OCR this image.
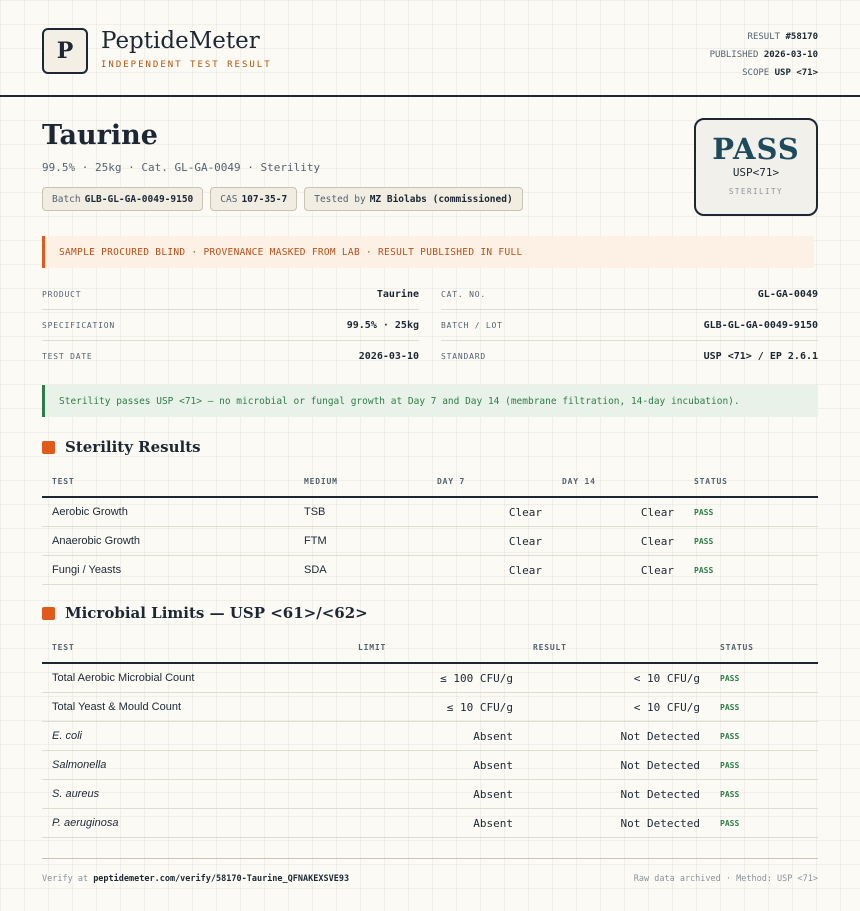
P	PeptideMeter
INDEPENDENT TEST RESULT
RESULT #58170
PUBLISHED 2026-03-10
SCOPE USP <71>
Taurine
99.5% · 25kg · Cat. GL-GA-0049 · Sterility
Batch GLB-GL-GA-0049-9150	CAS 107-35-7	Tested by MZ Biolabs (commissioned)
PASS
USP<71>
STERILITY
SAMPLE PROCURED BLIND · PROVENANCE MASKED FROM LAB · RESULT PUBLISHED IN FULL
PRODUCT	Taurine
SPECIFICATION	99.5% · 25kg
TEST DATE	2026-03-10
CAT. NO.	GL-GA-0049
BATCH / LOT	GLB-GL-GA-0049-9150
STANDARD	USP <71> / EP 2.6.1
Sterility passes USP <71> — no microbial or fungal growth at Day 7 and Day 14 (membrane filtration, 14-day incubation).
Sterility Results
TEST	MEDIUM	DAY 7	DAY 14	STATUS
Aerobic Growth	TSB	Clear	Clear	PASS
Anaerobic Growth	FTM	Clear	Clear	PASS
Fungi / Yeasts	SDA	Clear	Clear	PASS
Microbial Limits — USP <61>/<62>
TEST	LIMIT	RESULT	STATUS
Total Aerobic Microbial Count	≤ 100 CFU/g	< 10 CFU/g	PASS
Total Yeast & Mould Count	≤ 10 CFU/g	< 10 CFU/g	PASS
E. coli	Absent	Not Detected	PASS
Salmonella	Absent	Not Detected	PASS
S. aureus	Absent	Not Detected	PASS
P. aeruginosa	Absent	Not Detected	PASS
Verify at peptidemeter.com/verify/58170-Taurine_QFNAKEXSVE93	Raw data archived · Method: USP <71>
